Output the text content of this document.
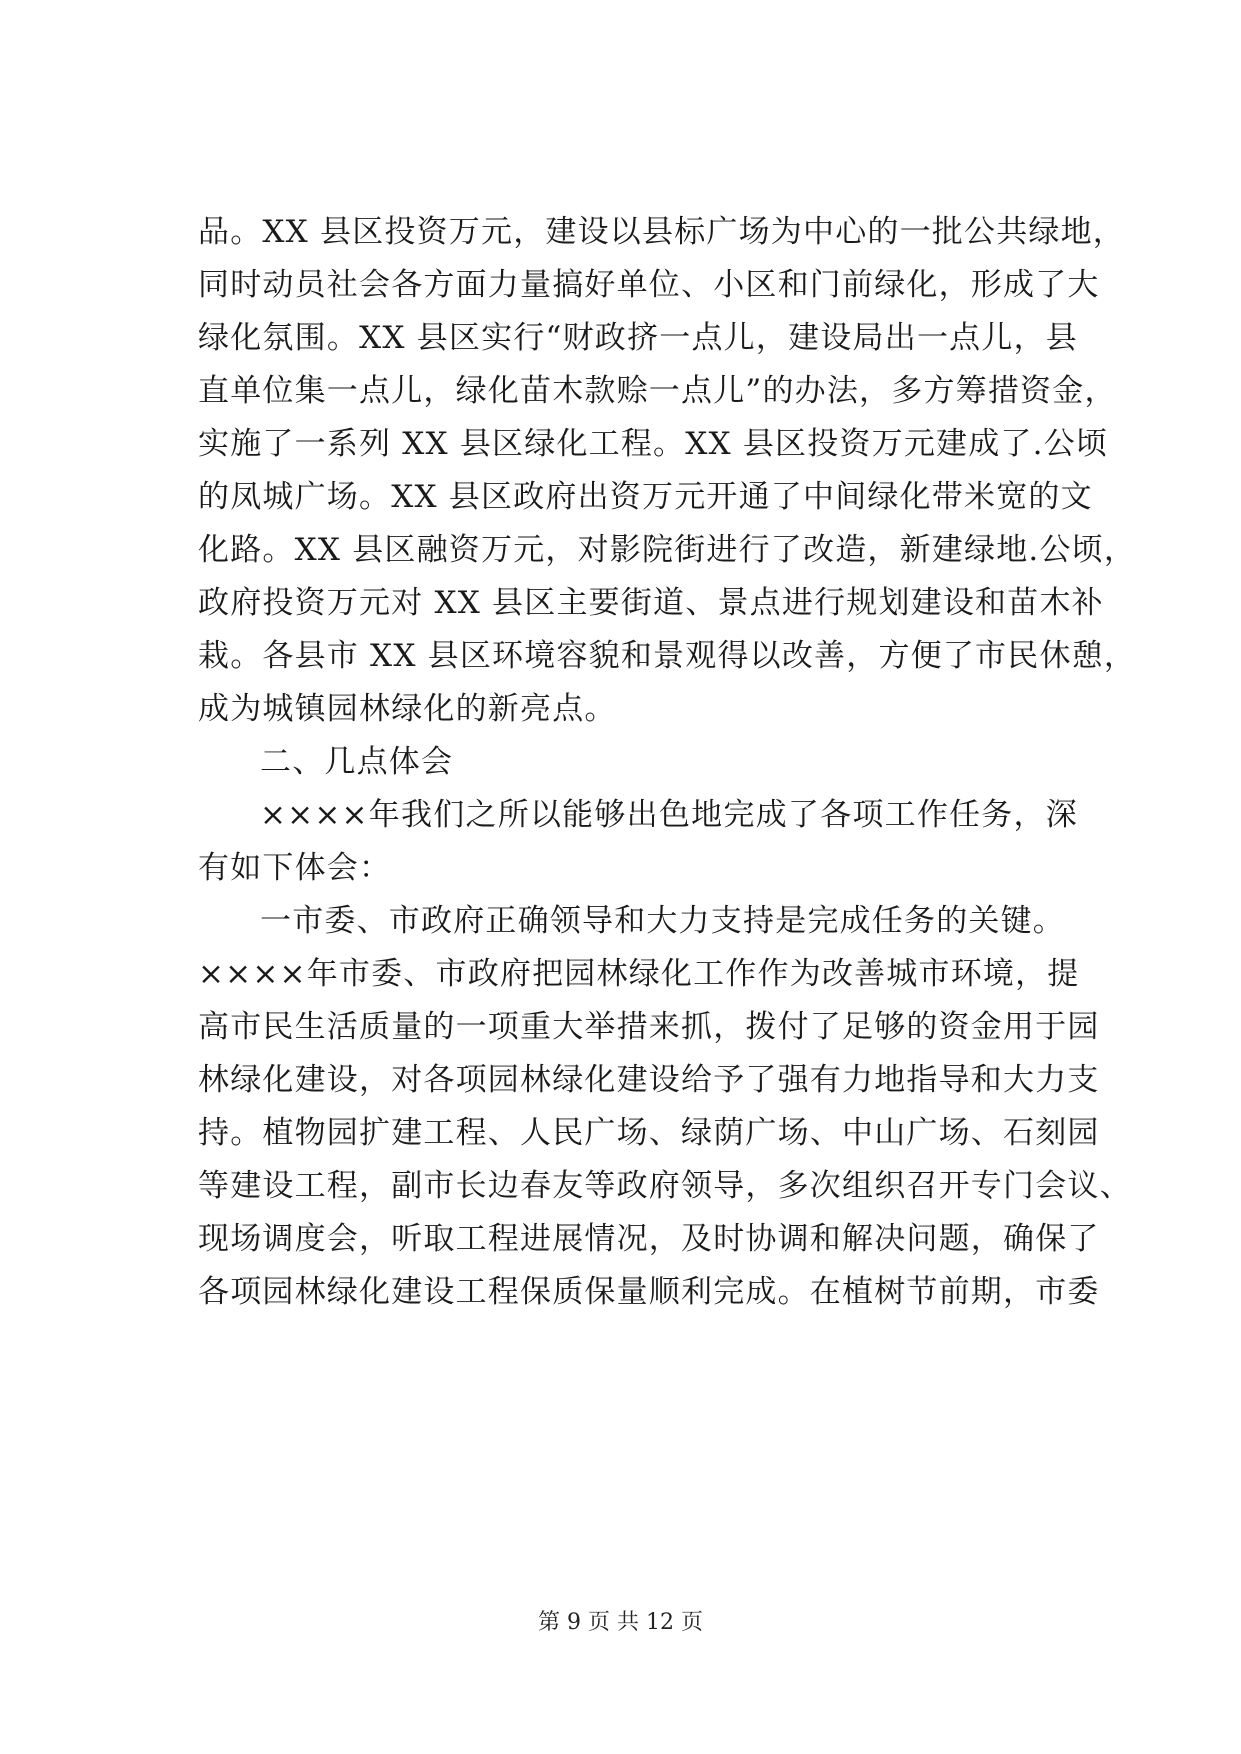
品。XX 县区投资万元，建设以县标广场为中心的一批公共绿地，
同时动员社会各方面力量搞好单位、小区和门前绿化，形成了大
绿化氛围。XX 县区实行“财政挤一点儿，建设局出一点儿，县
直单位集一点儿，绿化苗木款赊一点儿”的办法，多方筹措资金，
实施了一系列 XX 县区绿化工程。XX 县区投资万元建成了.公顷
的凤城广场。XX 县区政府出资万元开通了中间绿化带米宽的文
化路。XX 县区融资万元，对影院街进行了改造，新建绿地.公顷，
政府投资万元对 XX 县区主要街道、景点进行规划建设和苗木补
栽。各县市 XX 县区环境容貌和景观得以改善，方便了市民休憩，
成为城镇园林绿化的新亮点。
二、几点体会
××××年我们之所以能够出色地完成了各项工作任务，深
有如下体会：
一市委、市政府正确领导和大力支持是完成任务的关键。
××××年市委、市政府把园林绿化工作作为改善城市环境，提
高市民生活质量的一项重大举措来抓，拨付了足够的资金用于园
林绿化建设，对各项园林绿化建设给予了强有力地指导和大力支
持。植物园扩建工程、人民广场、绿荫广场、中山广场、石刻园
等建设工程，副市长边春友等政府领导，多次组织召开专门会议、
现场调度会，听取工程进展情况，及时协调和解决问题，确保了
各项园林绿化建设工程保质保量顺利完成。在植树节前期，市委
第 9 页 共 12 页
